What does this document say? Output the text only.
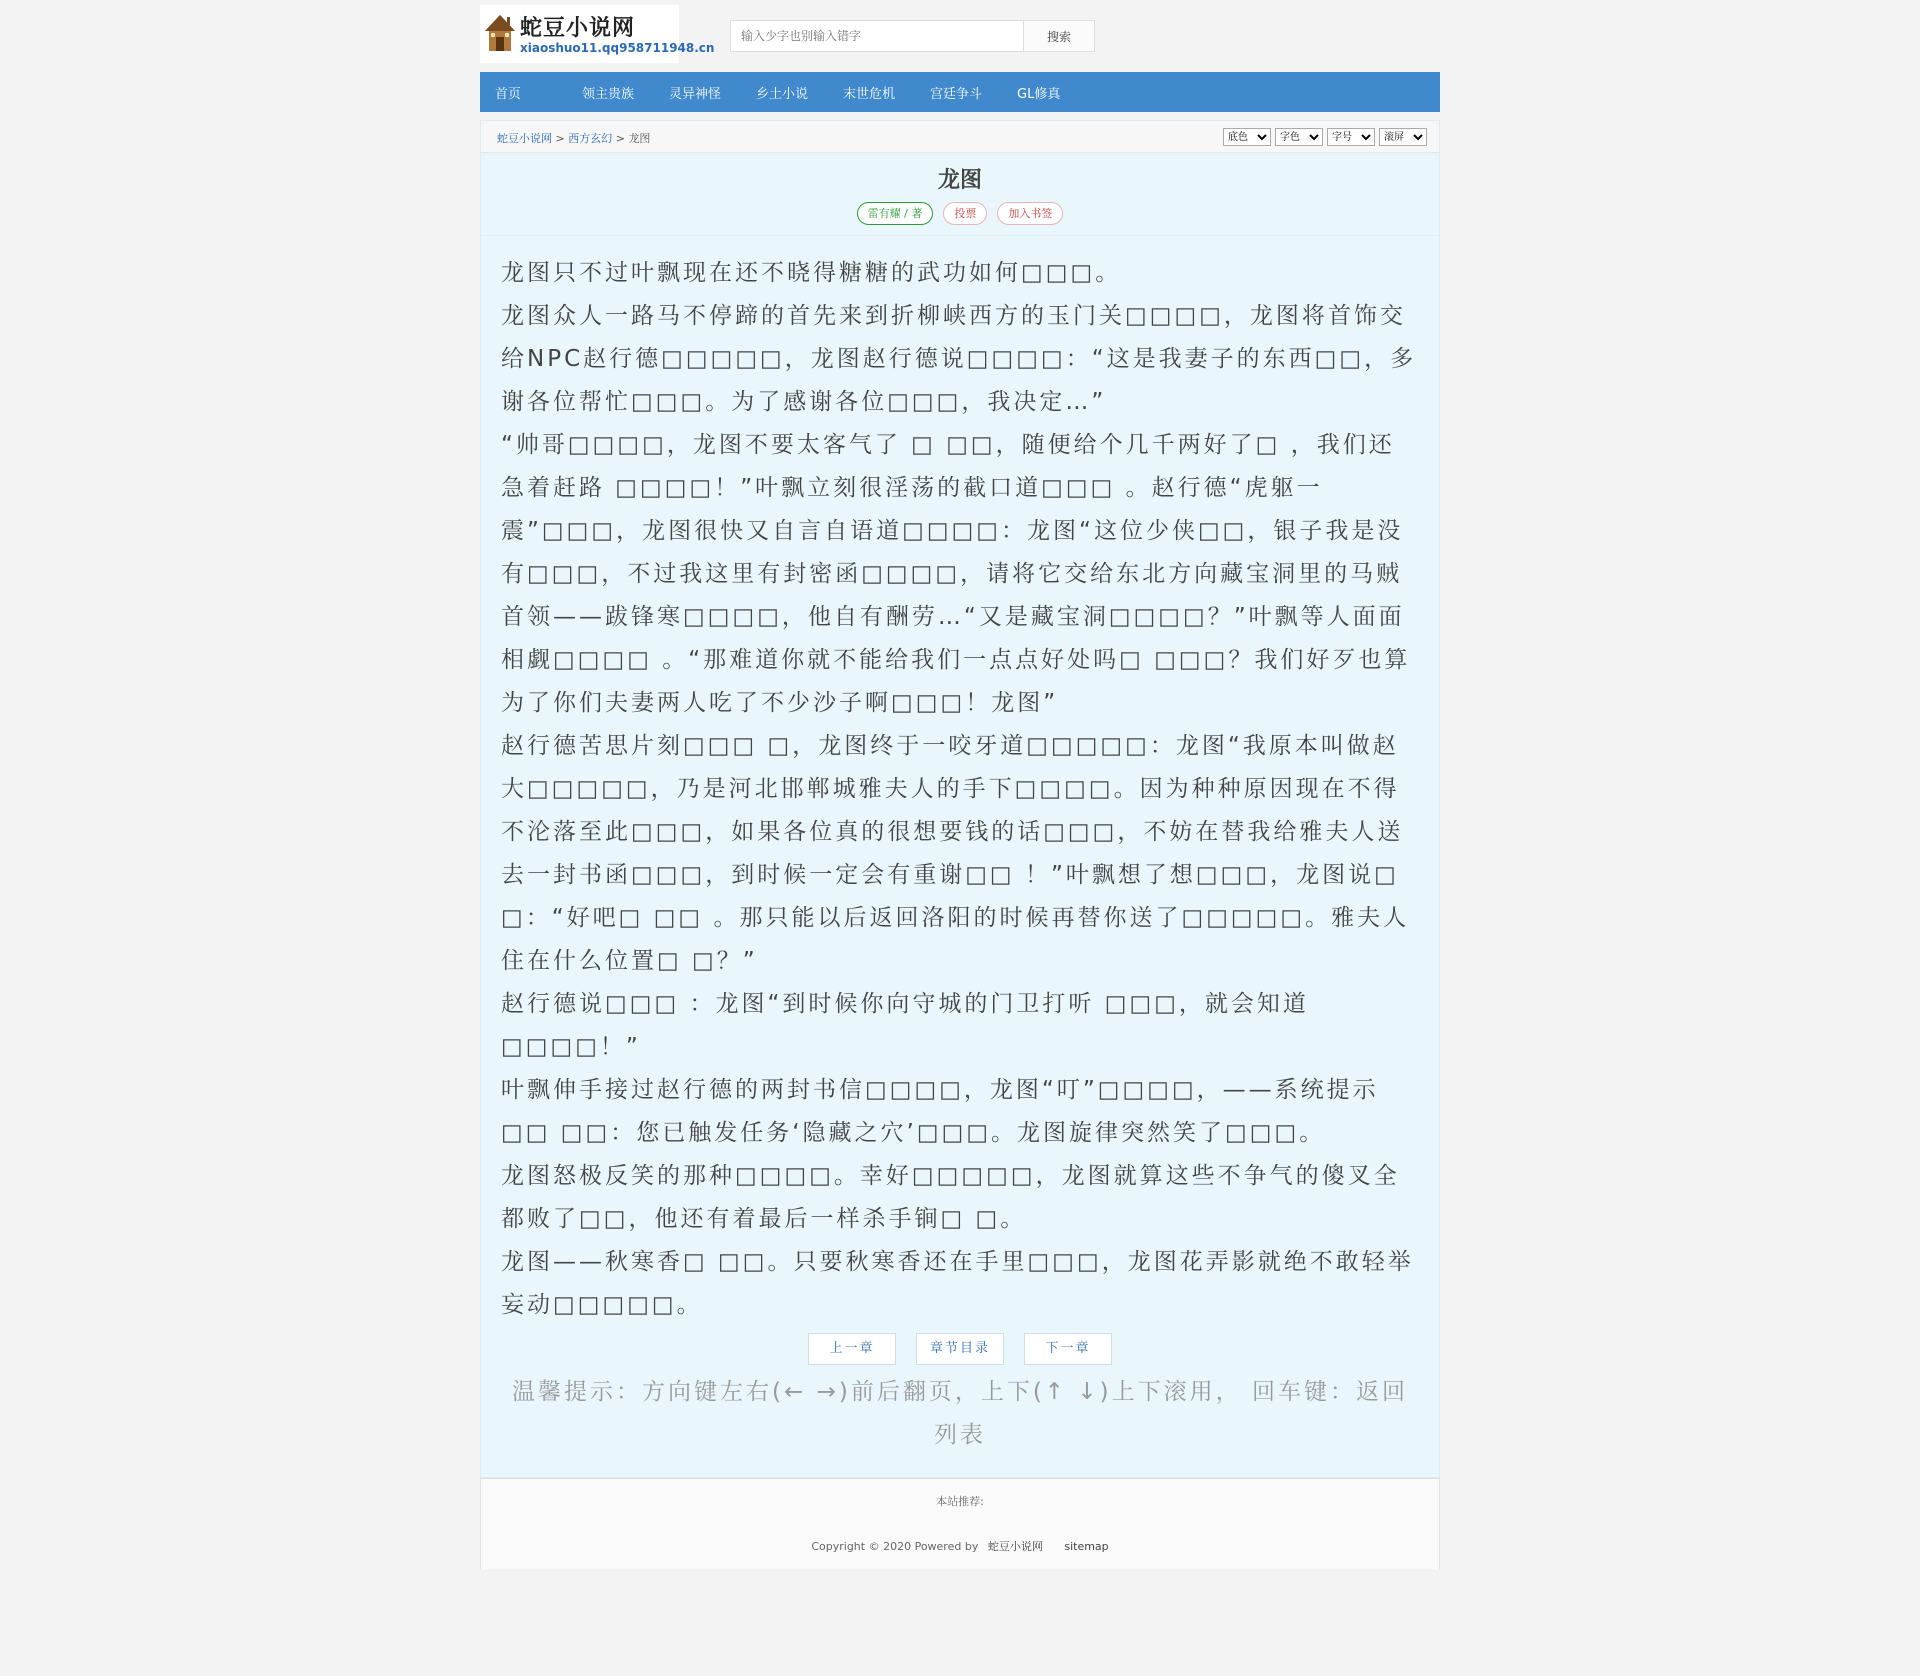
蛇豆小说网
xiaoshuo11.qq958711948.cn
输入少字也别输入错字
搜索
首页	领主贵族	灵异神怪	乡土小说	末世危机	宫廷争斗	GL修真
蛇豆小说网 > 西方玄幻 > 龙图
底色
字色
字号
滚屏
龙图
雷有耀 / 著	投票	加入书签

龙图只不过叶飘现在还不晓得糖糖的武功如何□□□。

龙图众人一路马不停蹄的首先来到折柳峡西方的玉门关□□□□，龙图将首饰交给NPC赵行德□□□□□，龙图赵行德说□□□□：“这是我妻子的东西□□，多谢各位帮忙□□□。为了感谢各位□□□，我决定…”

“帅哥□□□□，龙图不要太客气了 □ □□，随便给个几千两好了□ ，我们还急着赶路 □□□□！”叶飘立刻很淫荡的截口道□□□ 。赵行德“虎躯一震”□□□，龙图很快又自言自语道□□□□：龙图“这位少侠□□，银子我是没有□□□，不过我这里有封密函□□□□，请将它交给东北方向藏宝洞里的马贼首领——跋锋寒□□□□，他自有酬劳…“又是藏宝洞□□□□？”叶飘等人面面相觑□□□□ 。“那难道你就不能给我们一点点好处吗□ □□□？我们好歹也算为了你们夫妻两人吃了不少沙子啊□□□！龙图”

赵行德苦思片刻□□□ □，龙图终于一咬牙道□□□□□：龙图“我原本叫做赵大□□□□□，乃是河北邯郸城雅夫人的手下□□□□。因为种种原因现在不得不沦落至此□□□，如果各位真的很想要钱的话□□□，不妨在替我给雅夫人送去一封书函□□□，到时候一定会有重谢□□ ！”叶飘想了想□□□，龙图说□ □：“好吧□ □□ 。那只能以后返回洛阳的时候再替你送了□□□□□。雅夫人住在什么位置□ □？”

赵行德说□□□ ：龙图“到时候你向守城的门卫打听 □□□，就会知道□□□□！”

叶飘伸手接过赵行德的两封书信□□□□，龙图“叮”□□□□，——系统提示□□ □□：您已触发任务‘隐藏之穴’□□□。龙图旋律突然笑了□□□。

龙图怒极反笑的那种□□□□。幸好□□□□□，龙图就算这些不争气的傻叉全都败了□□，他还有着最后一样杀手锏□ □。

龙图——秋寒香□ □□。只要秋寒香还在手里□□□，龙图花弄影就绝不敢轻举妄动□□□□□。

上一章	章节目录	下一章
温馨提示：方向键左右(← →)前后翻页，上下(↑ ↓)上下滚用， 回车键：返回列表
本站推荐:
Copyright © 2020 Powered by 蛇豆小说网 sitemap
